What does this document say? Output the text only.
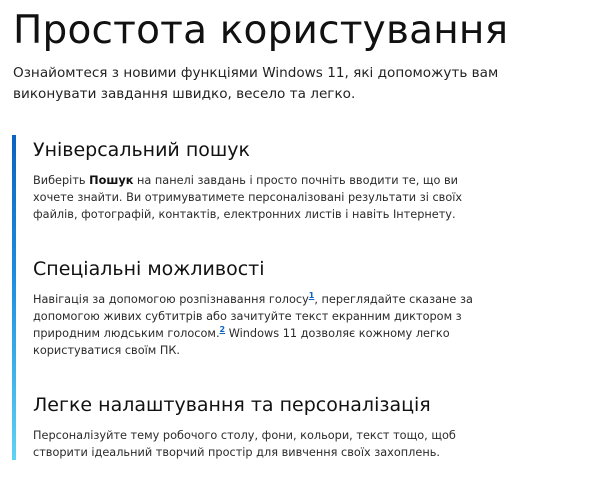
Простота користування

Ознайомтеся з новими функціями Windows 11, які допоможуть вам виконувати завдання швидко, весело та легко.

Універсальний пошук

Виберіть Пошук на панелі завдань і просто почніть вводити те, що ви хочете знайти. Ви отримуватимете персоналізовані результати зі своїх файлів, фотографій, контактів, електронних листів і навіть Інтернету.

Спеціальні можливості

Навігація за допомогою розпізнавання голосу$^1$, переглядайте сказане за допомогою живих субтитрів або зачитуйте текст екранним диктором з природним людським голосом.$^2$ Windows 11 дозволяє кожному легко користуватися своїм ПК.

Легке налаштування та персоналізація

Персоналізуйте тему робочого столу, фони, кольори, текст тощо, щоб створити ідеальний творчий простір для вивчення своїх захоплень.
